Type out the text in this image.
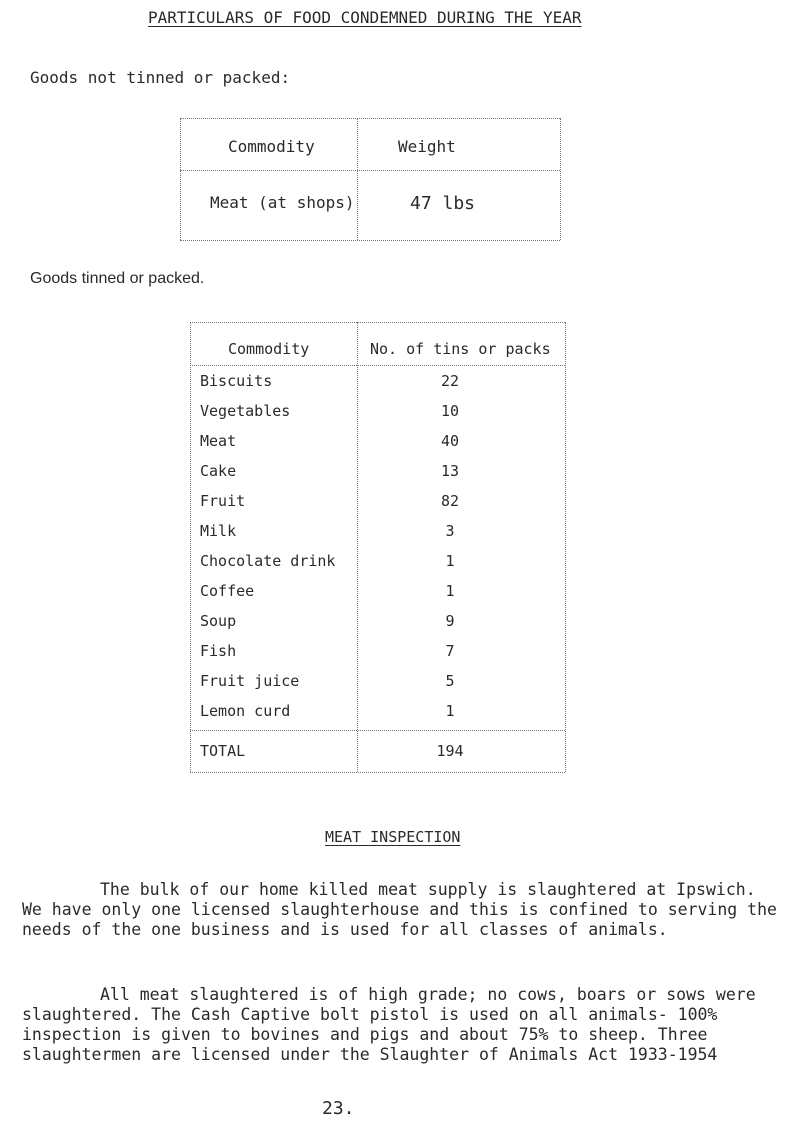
PARTICULARS OF FOOD CONDEMNED DURING THE YEAR
Goods not tinned or packed:
Commodity	Weight
Meat (at shops)	47 lbs
Goods tinned or packed.
Commodity	No. of tins or packs
Biscuits	22
Vegetables	10
Meat	40
Cake	13
Fruit	82
Milk	3
Chocolate drink	1
Coffee	1
Soup	9
Fish	7
Fruit juice	5
Lemon curd	1
TOTAL	194
MEAT INSPECTION
The bulk of our home killed meat supply is slaughtered at Ipswich. We have only one licensed slaughterhouse and this is confined to serving the needs of the one business and is used for all classes of animals.
All meat slaughtered is of high grade; no cows, boars or sows were slaughtered. The Cash Captive bolt pistol is used on all animals- 100% inspection is given to bovines and pigs and about 75% to sheep. Three slaughtermen are licensed under the Slaughter of Animals Act 1933-1954
23.
